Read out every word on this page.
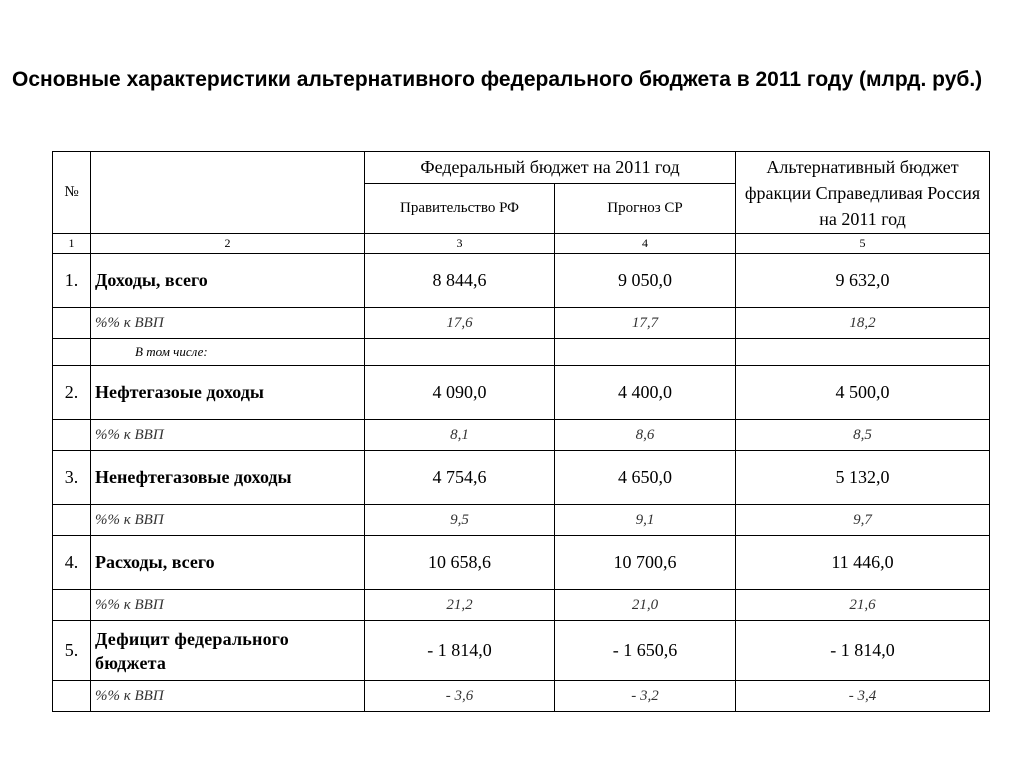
Основные характеристики альтернативного федерального бюджета в 2011 году (млрд. руб.)
№		Федеральный бюджет на 2011 год		Альтернативный бюджет фракции Справедливая Россия на 2011 год
		Правительство РФ	Прогноз СР	
1	2	3	4	5
1.	Доходы, всего	8 844,6	9 050,0	9 632,0
	%% к ВВП	17,6	17,7	18,2
	В том числе:			
2.	Нефтегазоые доходы	4 090,0	4 400,0	4 500,0
	%% к ВВП	8,1	8,6	8,5
3.	Ненефтегазовые доходы	4 754,6	4 650,0	5 132,0
	%% к ВВП	9,5	9,1	9,7
4.	Расходы, всего	10 658,6	10 700,6	11 446,0
	%% к ВВП	21,2	21,0	21,6
5.	Дефицит федерального бюджета	- 1 814,0	- 1 650,6	- 1 814,0
	%% к ВВП	- 3,6	- 3,2	- 3,4
